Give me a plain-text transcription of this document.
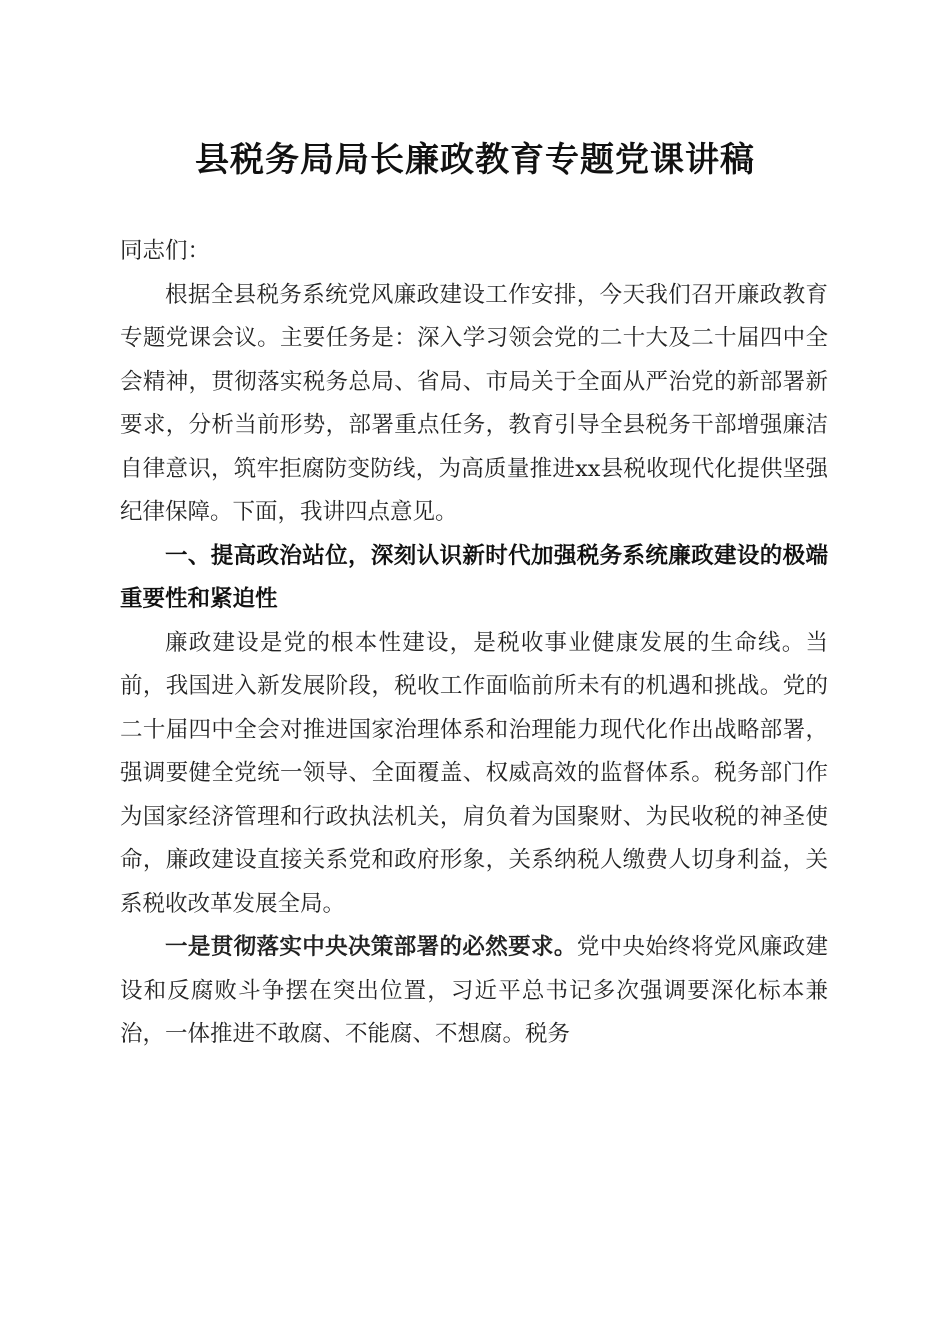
县税务局局长廉政教育专题党课讲稿

同志们：

根据全县税务系统党风廉政建设工作安排，今天我们召开廉政教育专题党课会议。主要任务是：深入学习领会党的二十大及二十届四中全会精神，贯彻落实税务总局、省局、市局关于全面从严治党的新部署新要求，分析当前形势，部署重点任务，教育引导全县税务干部增强廉洁自律意识，筑牢拒腐防变防线，为高质量推进xx县税收现代化提供坚强纪律保障。下面，我讲四点意见。

一、提高政治站位，深刻认识新时代加强税务系统廉政建设的极端重要性和紧迫性

廉政建设是党的根本性建设，是税收事业健康发展的生命线。当前，我国进入新发展阶段，税收工作面临前所未有的机遇和挑战。党的二十届四中全会对推进国家治理体系和治理能力现代化作出战略部署，强调要健全党统一领导、全面覆盖、权威高效的监督体系。税务部门作为国家经济管理和行政执法机关，肩负着为国聚财、为民收税的神圣使命，廉政建设直接关系党和政府形象，关系纳税人缴费人切身利益，关系税收改革发展全局。

一是贯彻落实中央决策部署的必然要求。党中央始终将党风廉政建设和反腐败斗争摆在突出位置，习近平总书记多次强调要深化标本兼治，一体推进不敢腐、不能腐、不想腐。税务
